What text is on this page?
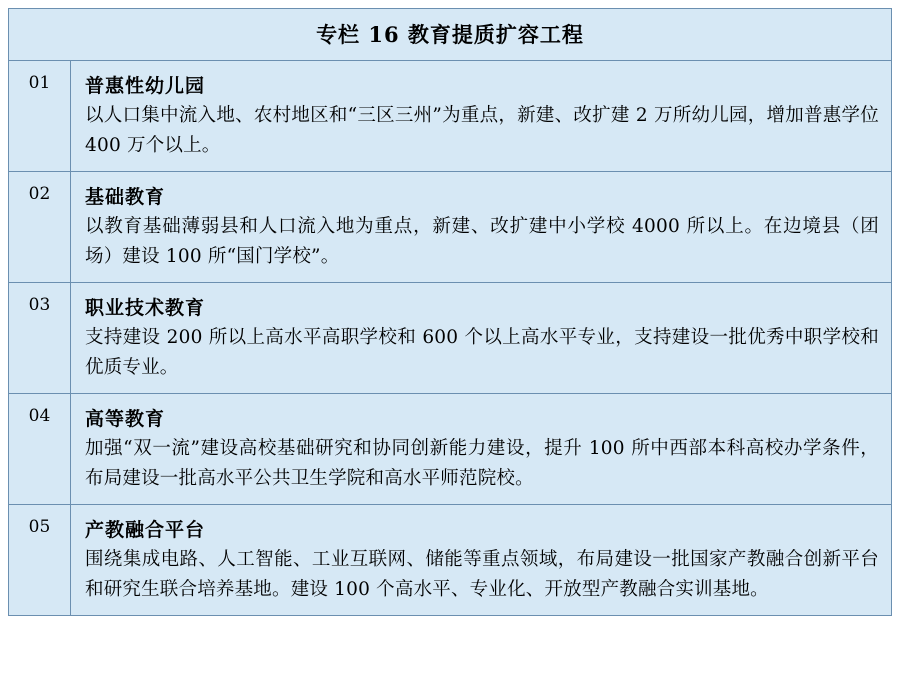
专栏 16 教育提质扩容工程
01	普惠性幼儿园
以人口集中流入地、农村地区和“三区三州”为重点，新建、改扩建 2 万所幼儿园，增加普惠学位 400 万个以上。
02	基础教育
以教育基础薄弱县和人口流入地为重点，新建、改扩建中小学校 4000 所以上。在边境县（团场）建设 100 所“国门学校”。
03	职业技术教育
支持建设 200 所以上高水平高职学校和 600 个以上高水平专业，支持建设一批优秀中职学校和优质专业。
04	高等教育
加强“双一流”建设高校基础研究和协同创新能力建设，提升 100 所中西部本科高校办学条件，布局建设一批高水平公共卫生学院和高水平师范院校。
05	产教融合平台
围绕集成电路、人工智能、工业互联网、储能等重点领域，布局建设一批国家产教融合创新平台和研究生联合培养基地。建设 100 个高水平、专业化、开放型产教融合实训基地。
